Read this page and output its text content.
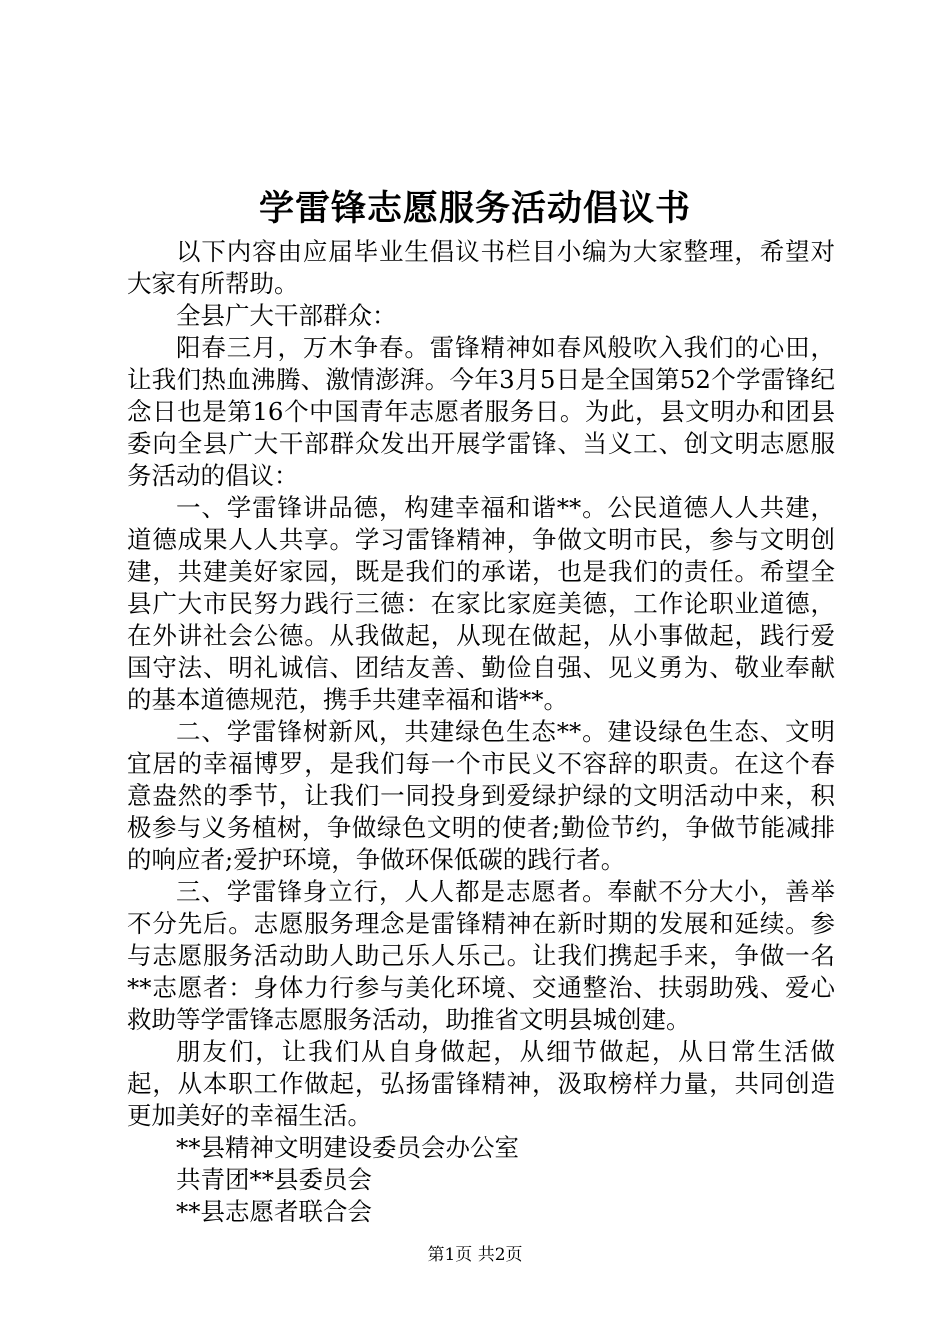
学雷锋志愿服务活动倡议书

以下内容由应届毕业生倡议书栏目小编为大家整理，希望对大家有所帮助。

全县广大干部群众：

阳春三月，万木争春。雷锋精神如春风般吹入我们的心田，让我们热血沸腾、激情澎湃。今年3月5日是全国第52个学雷锋纪念日也是第16个中国青年志愿者服务日。为此，县文明办和团县委向全县广大干部群众发出开展学雷锋、当义工、创文明志愿服务活动的倡议：

一、学雷锋讲品德，构建幸福和谐**。公民道德人人共建，道德成果人人共享。学习雷锋精神，争做文明市民，参与文明创建，共建美好家园，既是我们的承诺，也是我们的责任。希望全县广大市民努力践行三德：在家比家庭美德，工作论职业道德，在外讲社会公德。从我做起，从现在做起，从小事做起，践行爱国守法、明礼诚信、团结友善、勤俭自强、见义勇为、敬业奉献的基本道德规范，携手共建幸福和谐**。

二、学雷锋树新风，共建绿色生态**。建设绿色生态、文明宜居的幸福博罗，是我们每一个市民义不容辞的职责。在这个春意盎然的季节，让我们一同投身到爱绿护绿的文明活动中来，积极参与义务植树，争做绿色文明的使者;勤俭节约，争做节能减排的响应者;爱护环境，争做环保低碳的践行者。

三、学雷锋身立行，人人都是志愿者。奉献不分大小，善举不分先后。志愿服务理念是雷锋精神在新时期的发展和延续。参与志愿服务活动助人助己乐人乐己。让我们携起手来，争做一名**志愿者：身体力行参与美化环境、交通整治、扶弱助残、爱心救助等学雷锋志愿服务活动，助推省文明县城创建。

朋友们，让我们从自身做起，从细节做起，从日常生活做起，从本职工作做起，弘扬雷锋精神，汲取榜样力量，共同创造更加美好的幸福生活。

**县精神文明建设委员会办公室

共青团**县委员会

**县志愿者联合会

第1页 共2页
